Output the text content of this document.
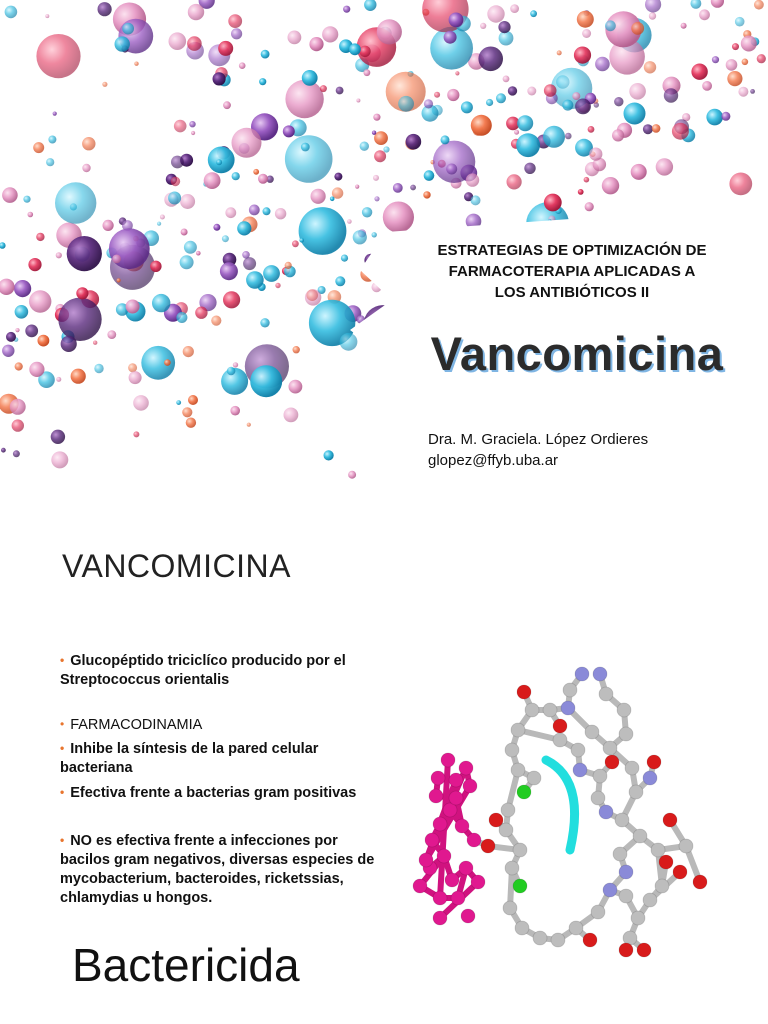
ESTRATEGIAS DE OPTIMIZACIÓN DE
FARMACOTERAPIA APLICADAS A
LOS ANTIBIÓTICOS II
Vancomicina
Dra. M. Graciela. López Ordieres
glopez@ffyb.uba.ar
VANCOMICINA
• Glucopéptido triciclíco producido por el Streptococcus orientalis
• FARMACODINAMIA
• Inhibe la síntesis de la pared celular bacteriana
• Efectiva frente a bacterias gram positivas
• NO es efectiva frente a infecciones por bacilos gram negativos, diversas especies de mycobacterium, bacteroides, ricketssias, chlamydias u hongos.
Bactericida
